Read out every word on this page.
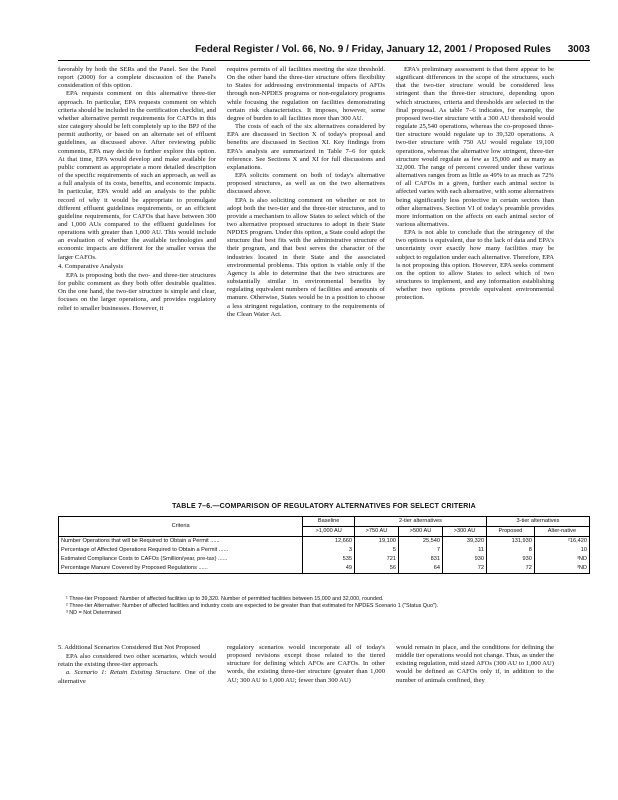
Federal Register / Vol. 66, No. 9 / Friday, January 12, 2001 / Proposed Rules 3003

favorably by both the SERs and the Panel. See the Panel report (2000) for a complete discussion of the Panel's consideration of this option.

EPA requests comment on this alternative three-tier approach. In particular, EPA requests comment on which criteria should be included in the certification checklist, and whether alternative permit requirements for CAFOs in this size category should be left completely up to the BPJ of the permit authority, or based on an alternate set of effluent guidelines, as discussed above. After reviewing public comments, EPA may decide to further explore this option. At that time, EPA would develop and make available for public comment as appropriate a more detailed description of the specific requirements of such an approach, as well as a full analysis of its costs, benefits, and economic impacts. In particular, EPA would add an analysis to the public record of why it would be appropriate to promulgate different effluent guidelines requirements, or an efficient guideline requirements, for CAFOs that have between 300 and 1,000 AUs compared to the effluent guidelines for operations with greater than 1,000 AU. This would include an evaluation of whether the available technologies and economic impacts are different for the smaller versus the larger CAFOs.

4. Comparative Analysis

EPA is proposing both the two- and three-tier structures for public comment as they both offer desirable qualities. On the one hand, the two-tier structure is simple and clear, focuses on the larger operations, and provides regulatory relief to smaller businesses. However, it

requires permits of all facilities meeting the size threshold. On the other hand the three-tier structure offers flexibility to States for addressing environmental impacts of AFOs through non-NPDES programs or non-regulatory programs while focusing the regulation on facilities demonstrating certain risk characteristics. It imposes, however, some degree of burden to all facilities more than 300 AU.

The costs of each of the six alternatives considered by EPA are discussed in Section X of today's proposal and benefits are discussed in Section XI. Key findings from EPA's analysis are summarized in Table 7–6 for quick reference. See Sections X and XI for full discussions and explanations.

EPA solicits comment on both of today's alternative proposed structures, as well as on the two alternatives discussed above.

EPA is also soliciting comment on whether or not to adopt both the two-tier and the three-tier structures, and to provide a mechanism to allow States to select which of the two alternative proposed structures to adopt in their State NPDES program. Under this option, a State could adopt the structure that best fits with the administrative structure of their program, and that best serves the character of the industries located in their State and the associated environmental problems. This option is viable only if the Agency is able to determine that the two structures are substantially similar in environmental benefits by regulating equivalent numbers of facilities and amounts of manure. Otherwise, States would be in a position to choose a less stringent regulation, contrary to the requirements of the Clean Water Act.

EPA's preliminary assessment is that there appear to be significant differences in the scope of the structures, such that the two-tier structure would be considered less stringent than the three-tier structure, depending upon which structures, criteria and thresholds are selected in the final proposal. As table 7–6 indicates, for example, the proposed two-tier structure with a 300 AU threshold would regulate 25,540 operations, whereas the co-proposed three-tier structure would regulate up to 39,320 operations. A two-tier structure with 750 AU would regulate 19,100 operations, whereas the alternative low stringent, three-tier structure would regulate as few as 15,000 and as many as 32,000. The range of percent covered under these various alternatives ranges from as little as 49% to as much as 72% of all CAFOs in a given, further each animal sector is affected varies with each alternative, with some alternatives being significantly less protective in certain sectors than other alternatives. Section VI of today's preamble provides more information on the affects on each animal sector of various alternatives.

EPA is not able to conclude that the stringency of the two options is equivalent, due to the lack of data and EPA's uncertainty over exactly how many facilities may be subject to regulation under each alternative. Therefore, EPA is not proposing this option. However, EPA seeks comment on the option to allow States to select which of two structures to implement, and any information establishing whether two options provide equivalent environmental protection.

TABLE 7–6.—COMPARISON OF REGULATORY ALTERNATIVES FOR SELECT CRITERIA
Criteria	Baseline	2-tier alternatives			3-tier alternatives	
	>1,000 AU	>750 AU	>500 AU	>300 AU	Proposed	Alter-native
Number Operations that will be Required to Obtain a Permit ......	12,660	19,100	25,540	39,320	131,930	²16,420
Percentage of Affected Operations Required to Obtain a Permit ......	3	5	7	11	8	10
Estimated Compliance Costs to CAFOs (Smillion/year, pre-tax) ......	535	721	831	930	930	³ND
Percentage Manure Covered by Proposed Regulations ......	49	56	64	72	72	³ND

¹ Three-tier Proposed: Number of affected facilities up to 39,320. Number of permitted facilities between 15,000 and 32,000, rounded.

² Three-tier Alternative: Number of affected facilities and industry costs are expected to be greater than that estimated for NPDES Scenario 1 ("Status Quo").

³ ND = Not Determined

5. Additional Scenarios Considered But Not Proposed

EPA also considered two other scenarios, which would retain the existing three-tier approach.

a. Scenario 1: Retain Existing Structure. One of the alternative

regulatory scenarios would incorporate all of today's proposed revisions except those related to the tiered structure for defining which AFOs are CAFOs. In other words, the existing three-tier structure (greater than 1,000 AU; 300 AU to 1,000 AU; fewer than 300 AU)

would remain in place, and the conditions for defining the middle tier operations would not change. Thus, as under the existing regulation, mid sized AFOs (300 AU to 1,000 AU) would be defined as CAFOs only if, in addition to the number of animals confined, they
